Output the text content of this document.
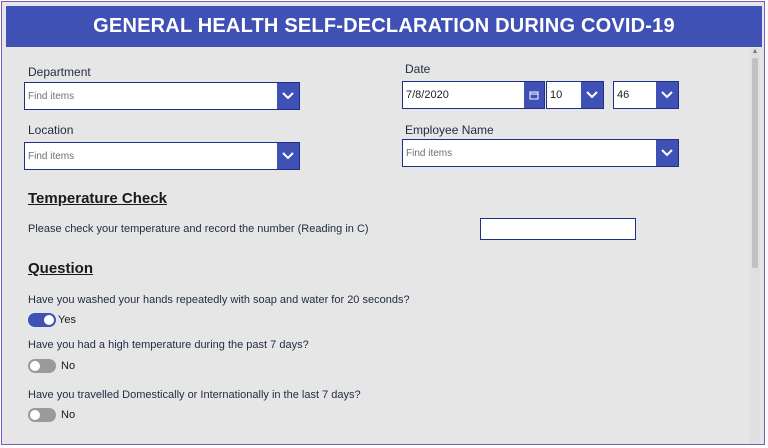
GENERAL HEALTH SELF-DECLARATION DURING COVID-19
Department
Find items
Location
Find items
Date
7/8/2020	10	46
Employee Name
Find items
Temperature Check
Please check your temperature and record the number (Reading in C)
Question
Have you washed your hands repeatedly with soap and water for 20 seconds?
Yes
Have you had a high temperature during the past 7 days?
No
Have you travelled Domestically or Internationally in the last 7 days?
No
▲
